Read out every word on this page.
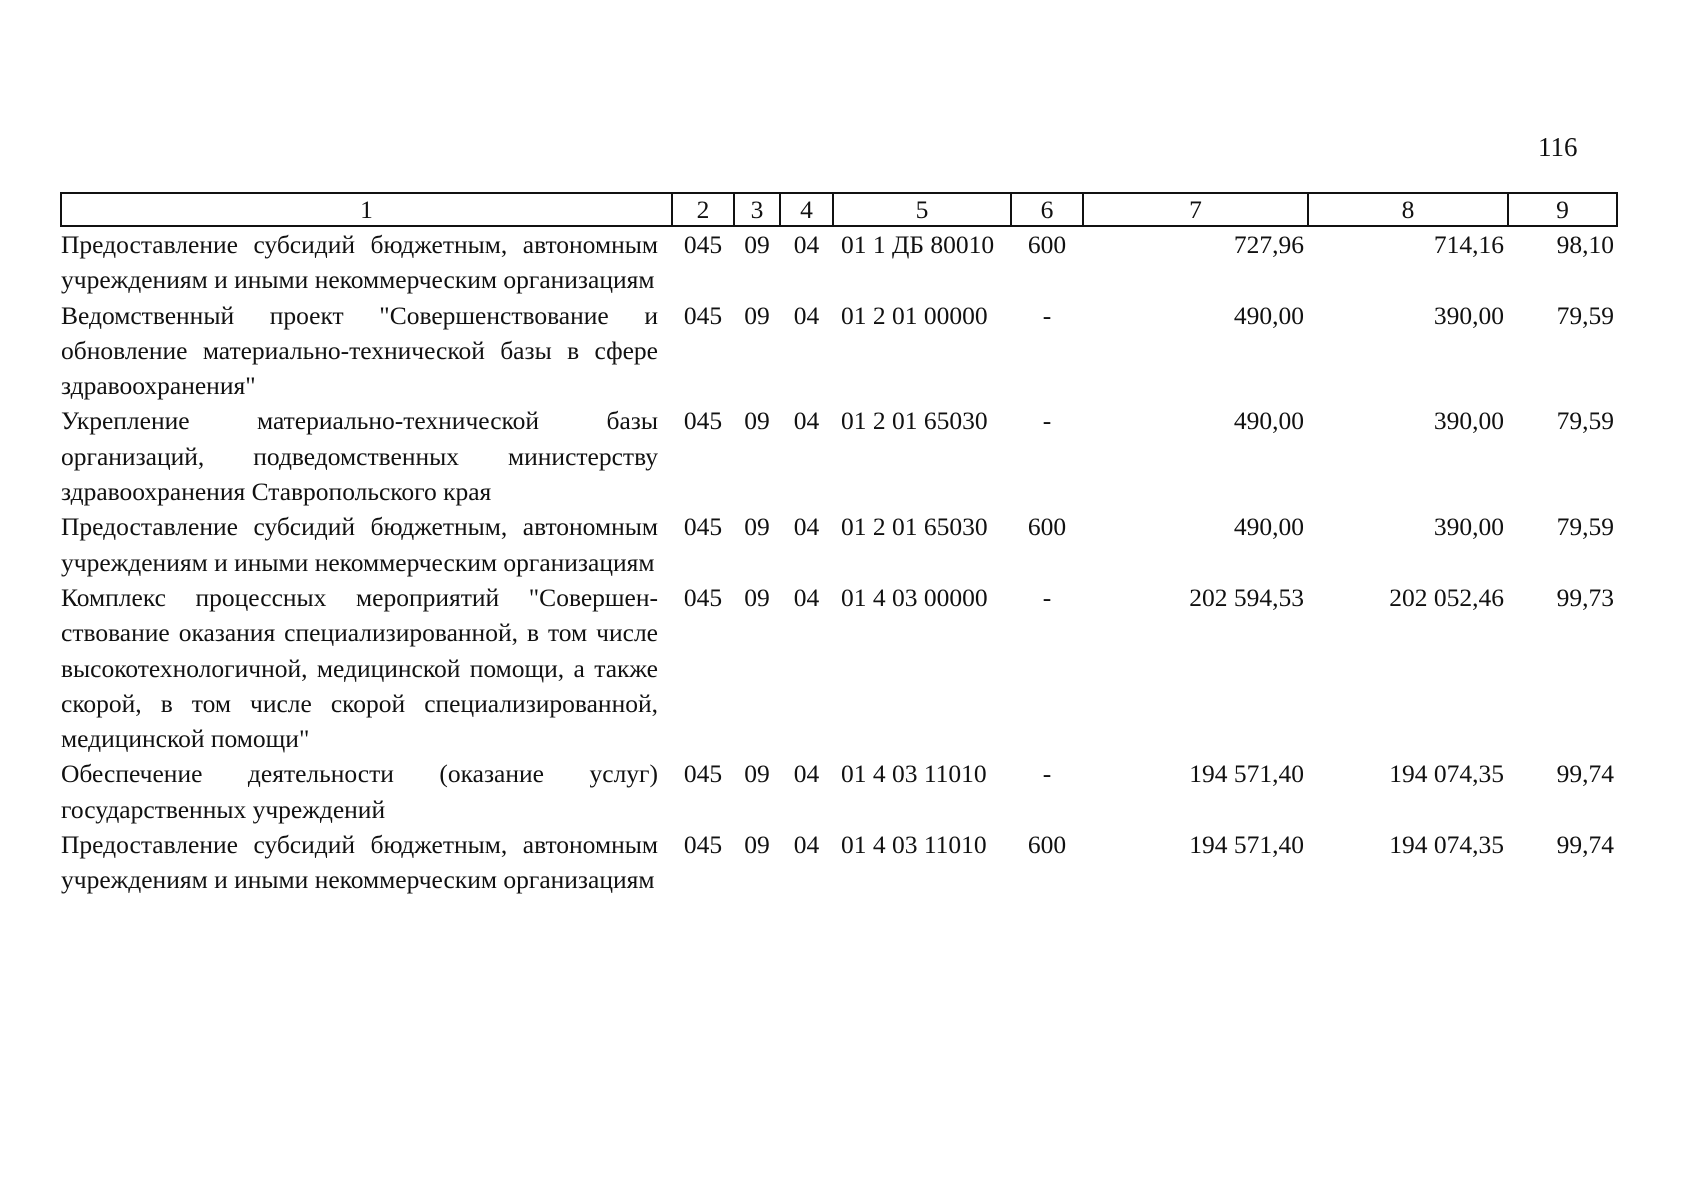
116
1	2	3	4	5	6	7	8	9
Предоставление субсидий бюджетным, автономным учреждениям и иными некоммерческим организациям	045	09	04	01 1 ДБ 80010	600	727,96	714,16	98,10
Ведомственный проект "Совершенствование и обновление материально-технической базы в сфере здравоохранения"	045	09	04	01 2 01 00000	-	490,00	390,00	79,59
Укрепление материально-технической базы организаций, подведомственных министерству здравоохранения Ставропольского края	045	09	04	01 2 01 65030	-	490,00	390,00	79,59
Предоставление субсидий бюджетным, автономным учреждениям и иными некоммерческим организациям	045	09	04	01 2 01 65030	600	490,00	390,00	79,59
Комплекс процессных мероприятий "Совершен-ствование оказания специализированной, в том числе высокотехнологичной, медицинской помощи, а также скорой, в том числе скорой специализированной, медицинской помощи"	045	09	04	01 4 03 00000	-	202 594,53	202 052,46	99,73
Обеспечение деятельности (оказание услуг) государственных учреждений	045	09	04	01 4 03 11010	-	194 571,40	194 074,35	99,74
Предоставление субсидий бюджетным, автономным учреждениям и иными некоммерческим организациям	045	09	04	01 4 03 11010	600	194 571,40	194 074,35	99,74
